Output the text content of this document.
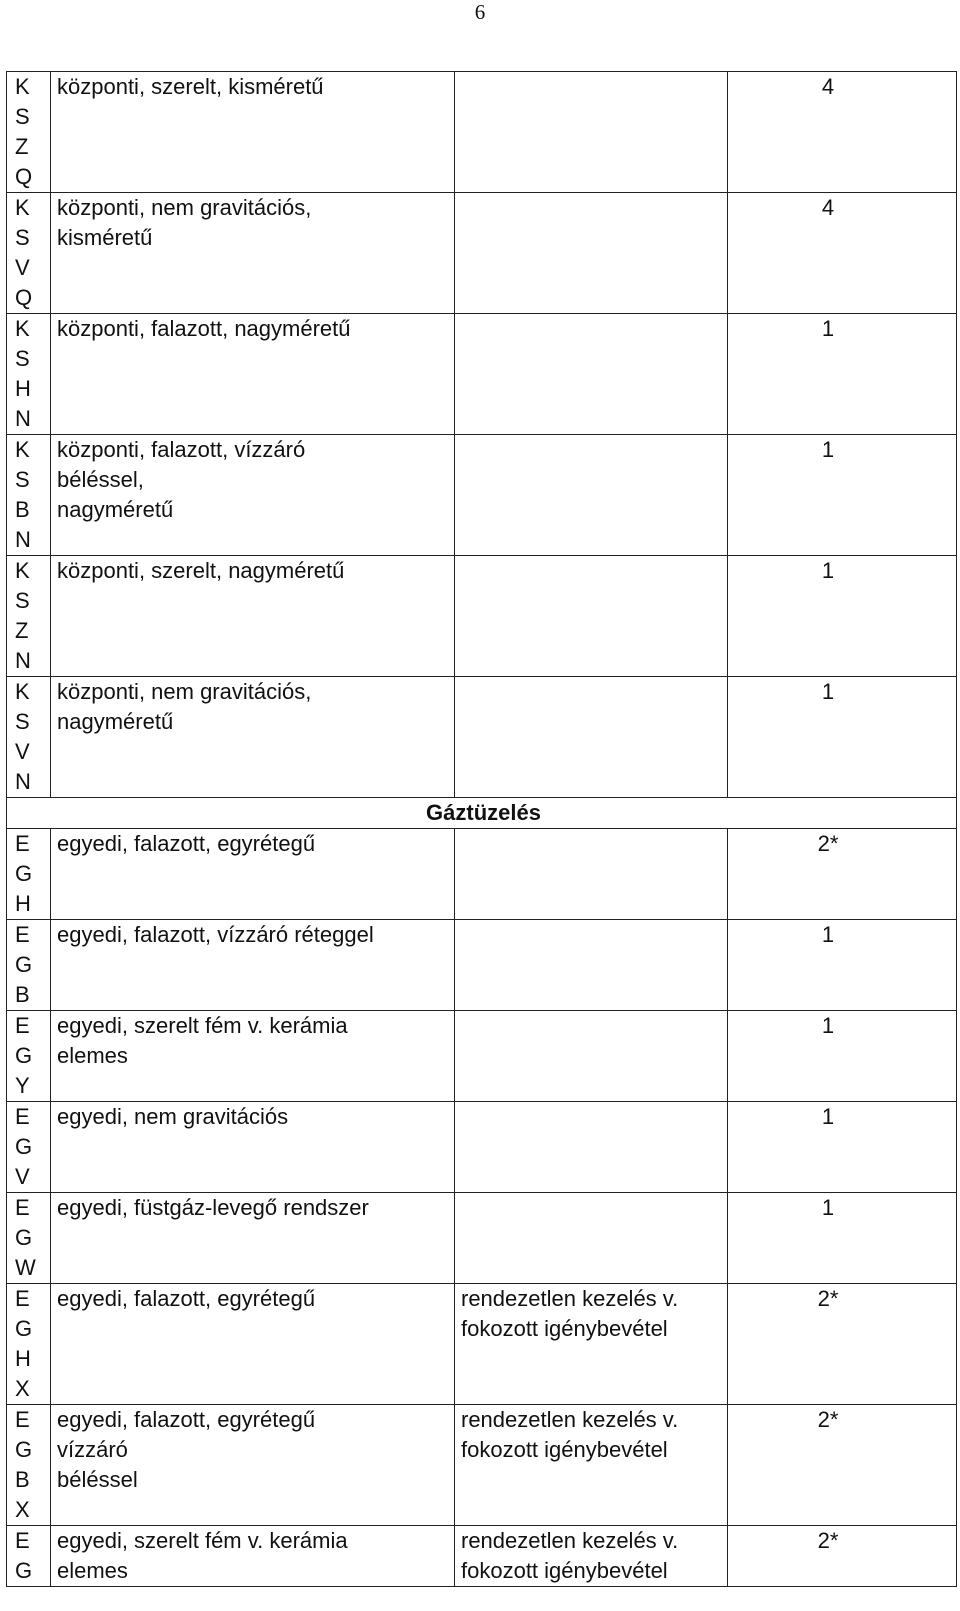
6
K
S
Z
Q	központi, szerelt, kisméretű		4
K
S
V
Q	központi, nem gravitációs,
kisméretű		4
K
S
H
N	központi, falazott, nagyméretű		1
K
S
B
N	központi, falazott, vízzáró
béléssel,
nagyméretű		1
K
S
Z
N	központi, szerelt, nagyméretű		1
K
S
V
N	központi, nem gravitációs,
nagyméretű		1
Gáztüzelés			
E
G
H	egyedi, falazott, egyrétegű		2*
E
G
B	egyedi, falazott, vízzáró réteggel		1
E
G
Y	egyedi, szerelt fém v. kerámia
elemes		1
E
G
V	egyedi, nem gravitációs		1
E
G
W	egyedi, füstgáz-levegő rendszer		1
E
G
H
X	egyedi, falazott, egyrétegű	rendezetlen kezelés v.
fokozott igénybevétel	2*
E
G
B
X	egyedi, falazott, egyrétegű
vízzáró
béléssel	rendezetlen kezelés v.
fokozott igénybevétel	2*
E
G	egyedi, szerelt fém v. kerámia
elemes	rendezetlen kezelés v.
fokozott igénybevétel	2*
